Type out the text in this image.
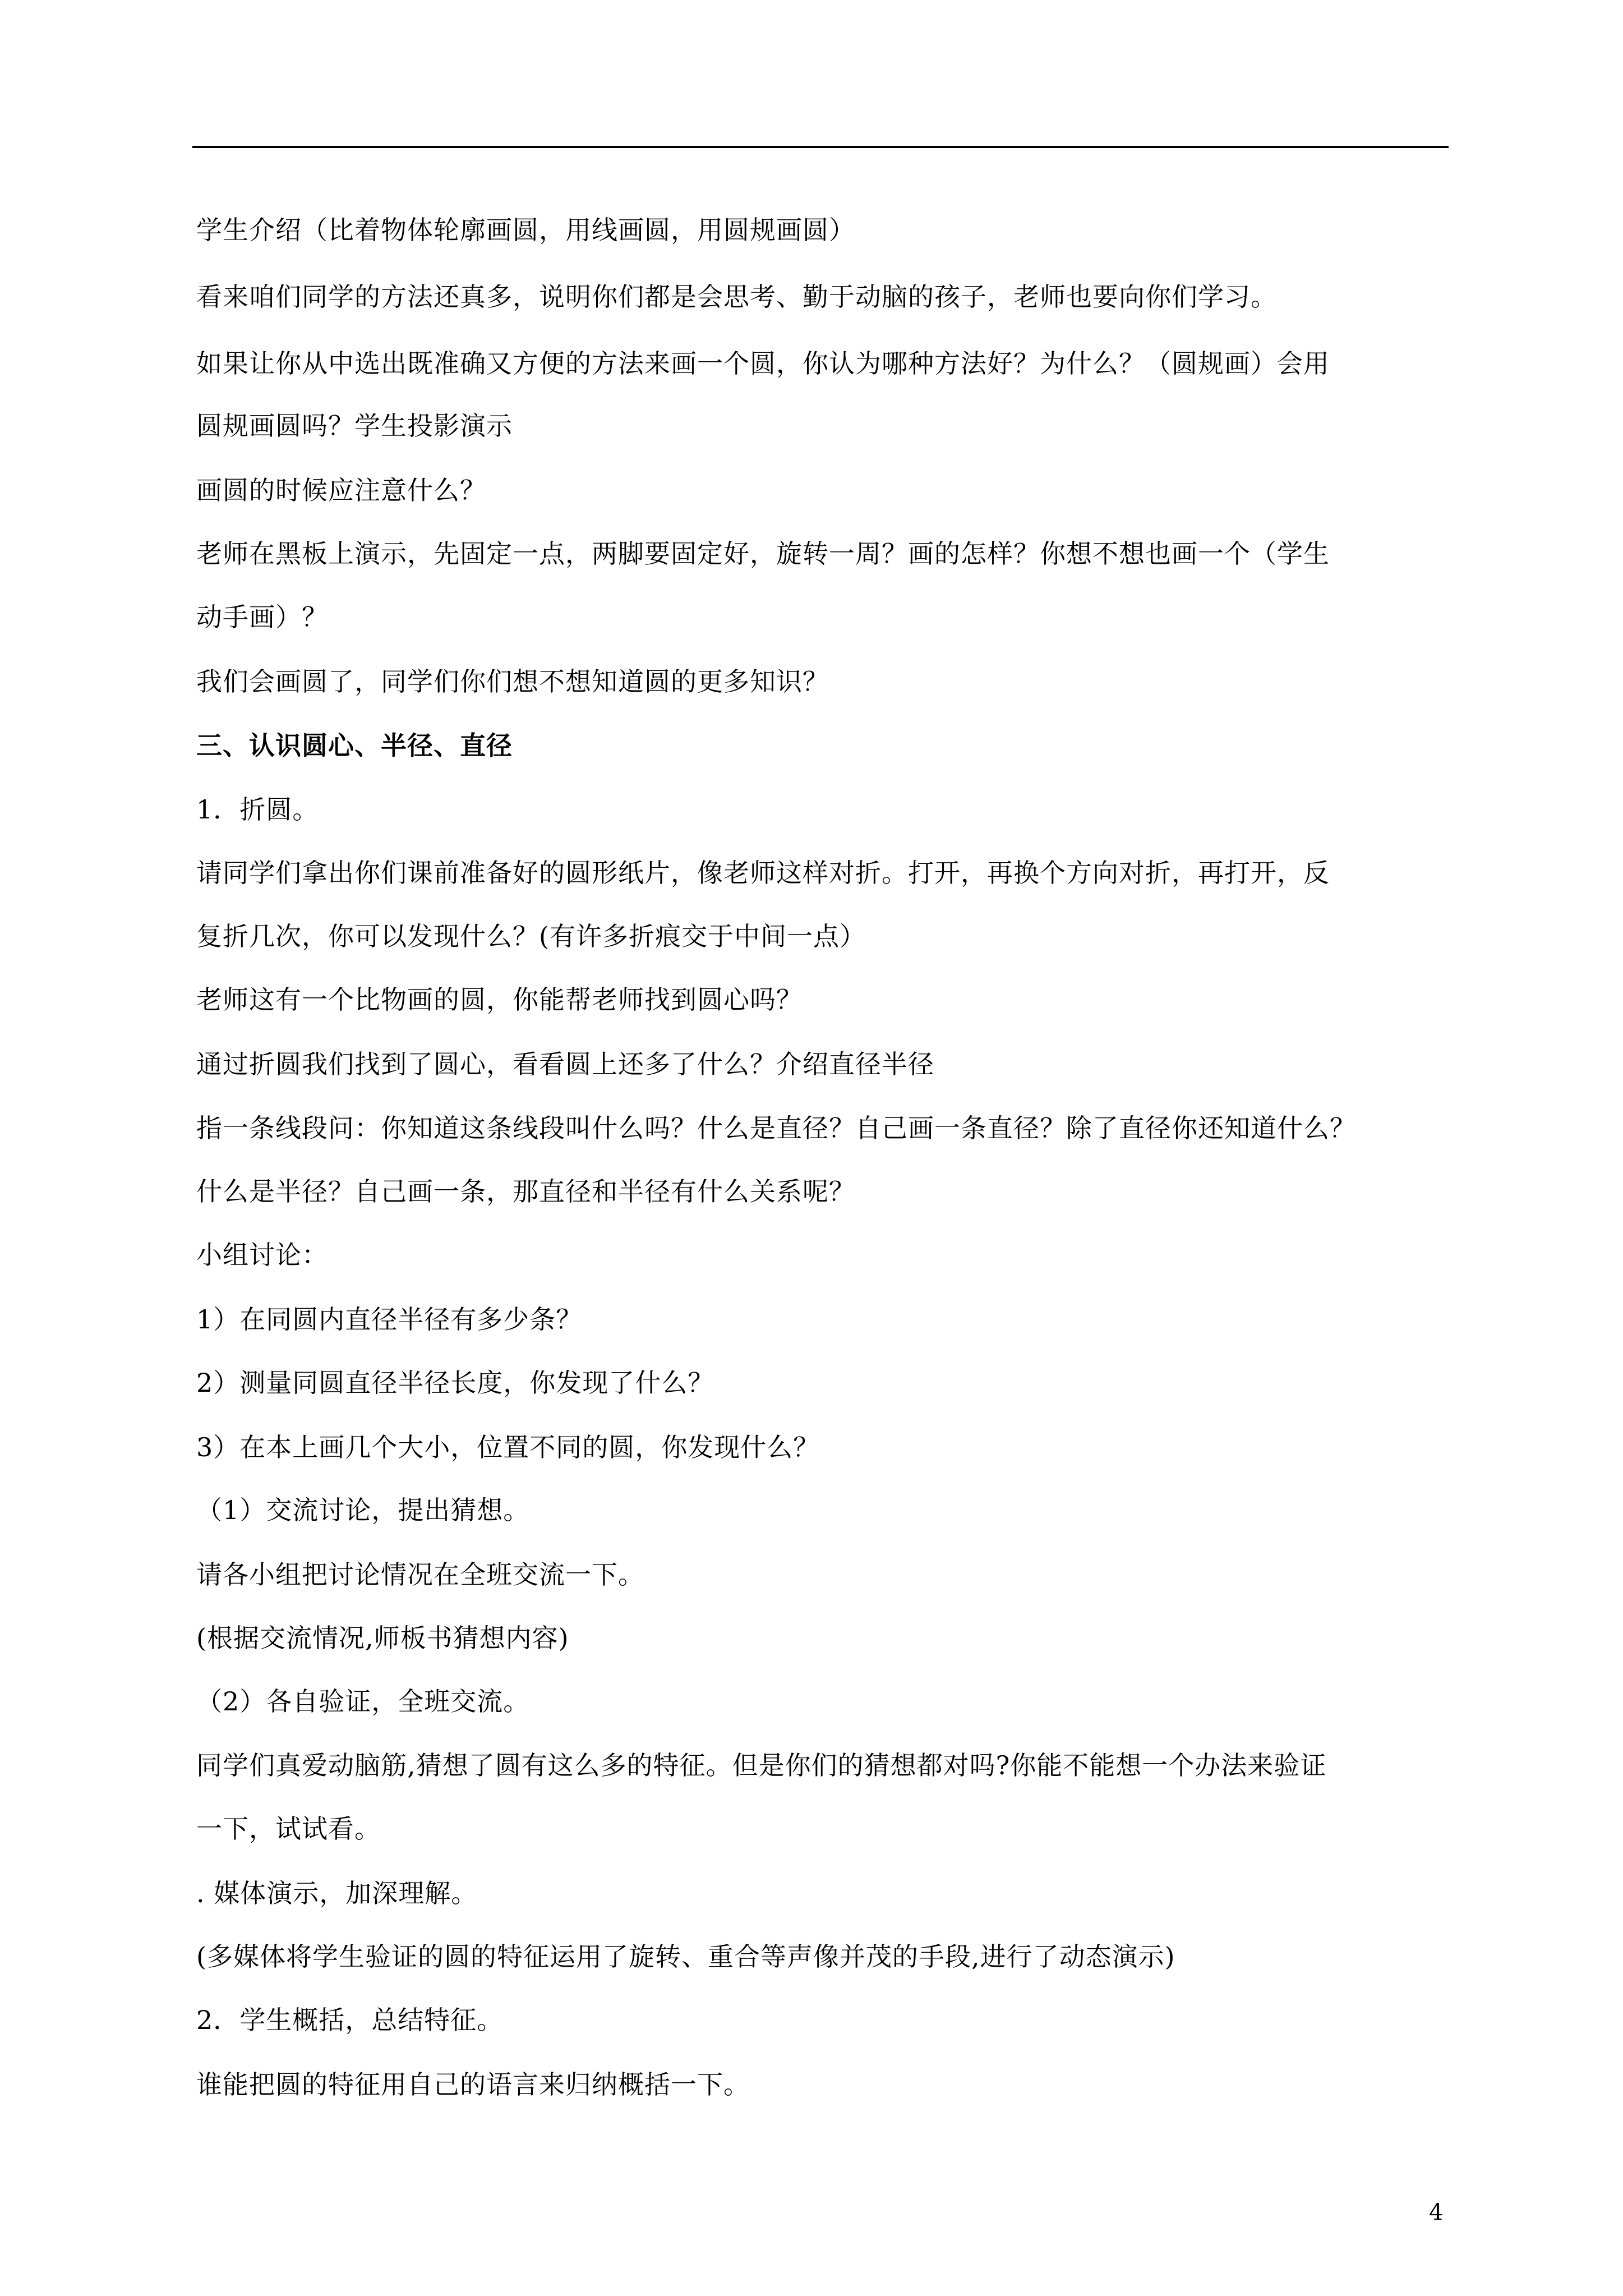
学生介绍（比着物体轮廓画圆，用线画圆，用圆规画圆）
看来咱们同学的方法还真多，说明你们都是会思考、勤于动脑的孩子，老师也要向你们学习。
如果让你从中选出既准确又方便的方法来画一个圆，你认为哪种方法好？为什么？（圆规画）会用
圆规画圆吗？学生投影演示
画圆的时候应注意什么？
老师在黑板上演示，先固定一点，两脚要固定好，旋转一周？画的怎样？你想不想也画一个（学生
动手画）？
我们会画圆了，同学们你们想不想知道圆的更多知识？
三、认识圆心、半径、直径
1．折圆。
请同学们拿出你们课前准备好的圆形纸片，像老师这样对折。打开，再换个方向对折，再打开，反
复折几次，你可以发现什么？(有许多折痕交于中间一点）
老师这有一个比物画的圆，你能帮老师找到圆心吗？
通过折圆我们找到了圆心，看看圆上还多了什么？介绍直径半径
指一条线段问：你知道这条线段叫什么吗？什么是直径？自己画一条直径？除了直径你还知道什么？
什么是半径？自己画一条，那直径和半径有什么关系呢？
小组讨论：
1）在同圆内直径半径有多少条？
2）测量同圆直径半径长度，你发现了什么？
3）在本上画几个大小，位置不同的圆，你发现什么？
（1）交流讨论，提出猜想。
请各小组把讨论情况在全班交流一下。
(根据交流情况,师板书猜想内容)
（2）各自验证，全班交流。
同学们真爱动脑筋,猜想了圆有这么多的特征。但是你们的猜想都对吗?你能不能想一个办法来验证
一下，试试看。
. 媒体演示，加深理解。
(多媒体将学生验证的圆的特征运用了旋转、重合等声像并茂的手段,进行了动态演示)
2．学生概括，总结特征。
谁能把圆的特征用自己的语言来归纳概括一下。
4
